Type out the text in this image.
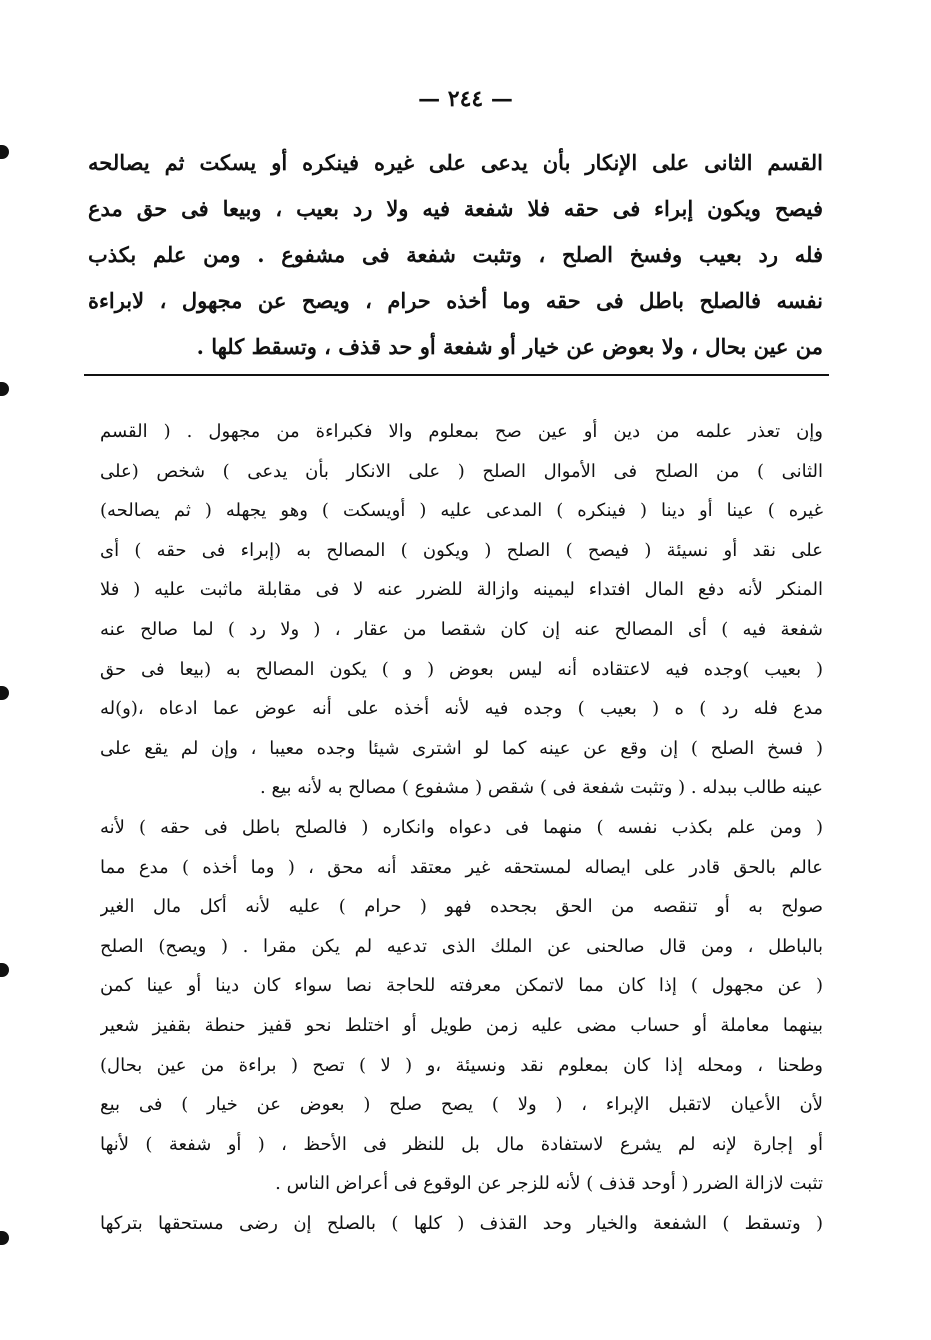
— ٢٤٤ —
القسم الثانى على الإنكار بأن يدعى على غيره فينكره أو يسكت ثم يصالحه
فيصح ويكون إبراء فى حقه فلا شفعة فيه ولا رد بعيب ، وبيعا فى حق مدع
فله رد بعيب وفسخ الصلح ، وتثبت شفعة فى مشفوع . ومن علم بكذب
نفسه فالصلح باطل فى حقه وما أخذه حرام ، ويصح عن مجهول ، لابراءة
من عين بحال ، ولا بعوض عن خيار أو شفعة أو حد قذف ، وتسقط كلها .
وإن تعذر علمه من دين أو عين صح بمعلوم والا فكبراءة من مجهول . ( القسم
الثانى ) من الصلح فى الأموال الصلح ( على الانكار بأن يدعى ) شخص (على
غيره ) عينا أو دينا ( فينكره ) المدعى عليه ( أويسكت ) وهو يجهله ( ثم يصالحه)
على نقد أو نسيئة ( فيصح ) الصلح ( ويكون ) المصالح به (إبراء فى حقه ) أى
المنكر لأنه دفع المال افتداء ليمينه وازالة للضرر عنه لا فى مقابلة ماثبت عليه ( فلا
شفعة فيه ) أى المصالح عنه إن كان شقصا من عقار ، ( ولا رد ) لما صالح عنه
( بعيب )وجده فيه لاعتقاده أنه ليس بعوض ( و ) يكون المصالح به (بيعا فى حق
مدع فله رد ) ه ( بعيب ) وجده فيه لأنه أخذه على أنه عوض عما ادعاه ،(و)له
( فسخ الصلح ) إن وقع عن عينه كما لو اشترى شيئا وجده معيبا ، وإن لم يقع على
عينه طالب ببدله . ( وتثبت شفعة فى ) شقص ( مشفوع ) مصالح به لأنه بيع .
( ومن علم بكذب نفسه ) منهما فى دعواه وانكاره ( فالصلح باطل فى حقه ) لأنه
عالم بالحق قادر على ايصاله لمستحقه غير معتقد أنه محق ، ( وما أخذه ) مدع مما
صولح به أو تنقصه من الحق بجحده فهو ( حرام ) عليه لأنه أكل مال الغير
بالباطل ، ومن قال صالحنى عن الملك الذى تدعيه لم يكن مقرا . ( ويصح) الصلح
( عن مجهول ) إذا كان مما لاتمكن معرفته للحاجة نصا سواء كان دينا أو عينا كمن
بينهما معاملة أو حساب مضى عليه زمن طويل أو اختلط نحو قفيز حنطة بقفيز شعير
وطحنا ، ومحله إذا كان بمعلوم نقد ونسيئة ،و ( لا ) تصح ( براءة من عين بحال)
لأن الأعيان لاتقبل الإبراء ، ( ولا ) يصح صلح ( بعوض عن خيار ) فى بيع
أو إجارة لإنه لم يشرع لاستفادة مال بل للنظر فى الأحظ ، ( أو شفعة ) لأنها
تثبت لازالة الضرر ( أوحد قذف ) لأنه للزجر عن الوقوع فى أعراض الناس .
( وتسقط ) الشفعة والخيار وحد القذف ( كلها ) بالصلح إن رضى مستحقها بتركها
